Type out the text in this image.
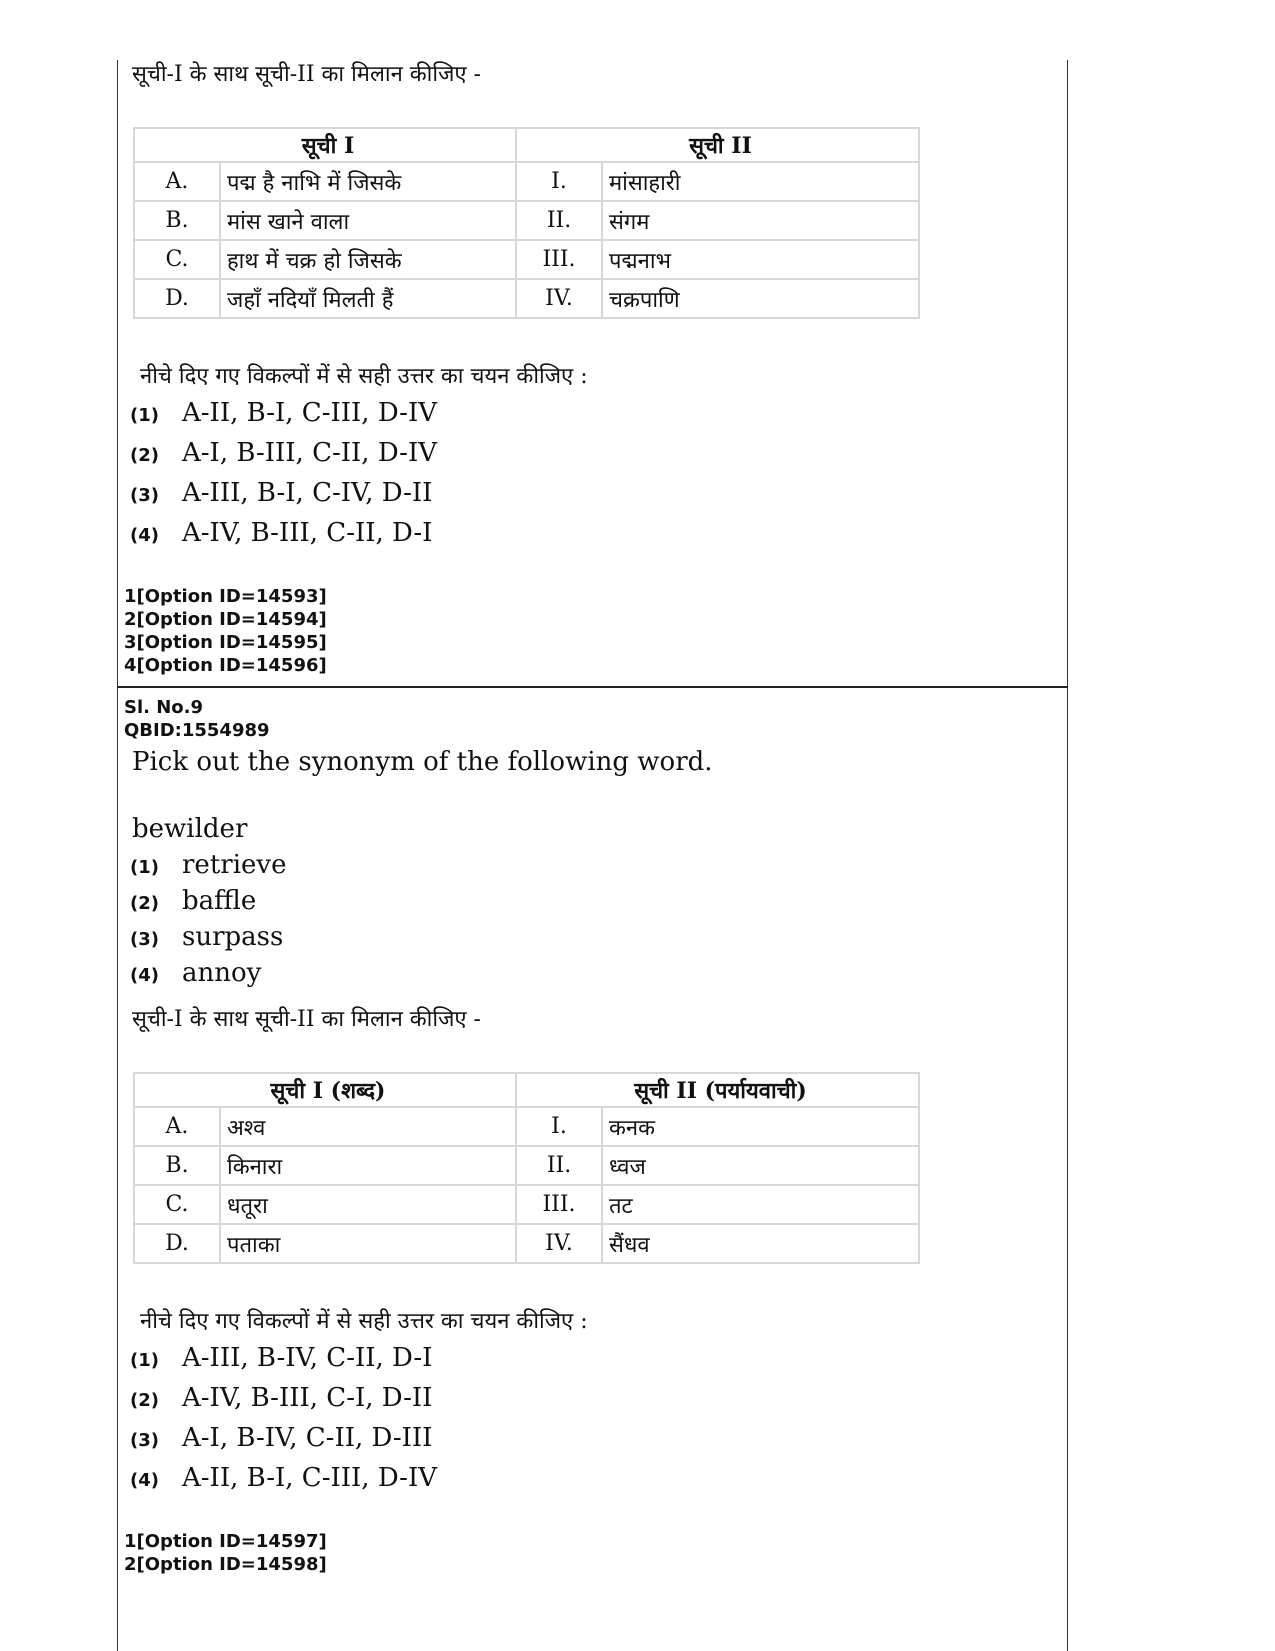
सूची-I के साथ सूची-II का मिलान कीजिए -
सूची I		सूची II	
A.	पद्म है नाभि में जिसके	I.	मांसाहारी
B.	मांस खाने वाला	II.	संगम
C.	हाथ में चक्र हो जिसके	III.	पद्मनाभ
D.	जहाँ नदियाँ मिलती हैं	IV.	चक्रपाणि
नीचे दिए गए विकल्पों में से सही उत्तर का चयन कीजिए :
(1) A-II, B-I, C-III, D-IV
(2) A-I, B-III, C-II, D-IV
(3) A-III, B-I, C-IV, D-II
(4) A-IV, B-III, C-II, D-I
1[Option ID=14593]
2[Option ID=14594]
3[Option ID=14595]
4[Option ID=14596]
Sl. No.9
QBID:1554989
Pick out the synonym of the following word.
bewilder
(1) retrieve
(2) baffle
(3) surpass
(4) annoy
सूची-I के साथ सूची-II का मिलान कीजिए -
सूची I (शब्द)		सूची II (पर्यायवाची)	
A.	अश्व	I.	कनक
B.	किनारा	II.	ध्वज
C.	धतूरा	III.	तट
D.	पताका	IV.	सैंधव
नीचे दिए गए विकल्पों में से सही उत्तर का चयन कीजिए :
(1) A-III, B-IV, C-II, D-I
(2) A-IV, B-III, C-I, D-II
(3) A-I, B-IV, C-II, D-III
(4) A-II, B-I, C-III, D-IV
1[Option ID=14597]
2[Option ID=14598]
